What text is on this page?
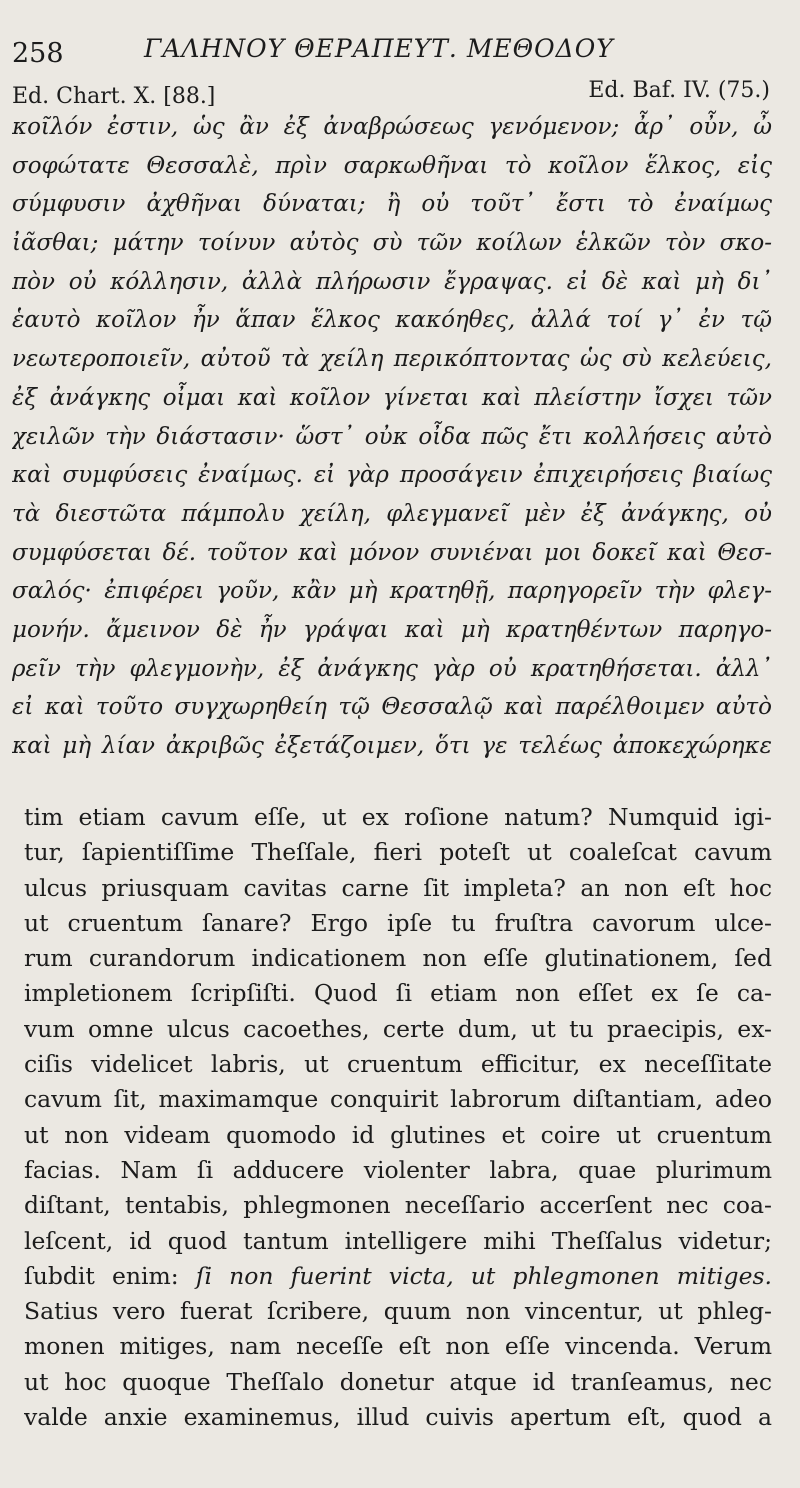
258	ΓΑΛΗΝΟΥ ΘΕΡΑΠΕΥΤ. ΜΕΘΟΔΟΥ
Ed. Chart. X. [88.]	Ed. Baf. IV. (75.)
κοῖλόν ἐστιν, ὡς ἂν ἐξ ἀναβρώσεως γενόμενον; ἆρ᾽ οὖν, ὦ
σοφώτατε Θεσσαλὲ, πρὶν σαρκωθῆναι τὸ κοῖλον ἕλκος, εἰς
σύμφυσιν ἀχθῆναι δύναται; ἢ οὐ τοῦτ᾽ ἔστι τὸ ἐναίμως
ἰᾶσθαι; μάτην τοίνυν αὐτὸς σὺ τῶν κοίλων ἑλκῶν τὸν σκο-
πὸν οὐ κόλλησιν, ἀλλὰ πλήρωσιν ἔγραψας. εἰ δὲ καὶ μὴ δι᾽
ἑαυτὸ κοῖλον ἦν ἅπαν ἕλκος κακόηθες, ἀλλά τοί γ᾽ ἐν τῷ
νεωτεροποιεῖν, αὐτοῦ τὰ χείλη περικόπτοντας ὡς σὺ κελεύεις,
ἐξ ἀνάγκης οἶμαι καὶ κοῖλον γίνεται καὶ πλείστην ἴσχει τῶν
χειλῶν τὴν διάστασιν· ὥστ᾽ οὐκ οἶδα πῶς ἔτι κολλήσεις αὐτὸ
καὶ συμφύσεις ἐναίμως. εἰ γὰρ προσάγειν ἐπιχειρήσεις βιαίως
τὰ διεστῶτα πάμπολυ χείλη, φλεγμανεῖ μὲν ἐξ ἀνάγκης, οὐ
συμφύσεται δέ. τοῦτον καὶ μόνον συνιέναι μοι δοκεῖ καὶ Θεσ-
σαλός· ἐπιφέρει γοῦν, κἂν μὴ κρατηθῇ, παρηγορεῖν τὴν φλεγ-
μονήν. ἄμεινον δὲ ἦν γράψαι καὶ μὴ κρατηθέντων παρηγο-
ρεῖν τὴν φλεγμονὴν, ἐξ ἀνάγκης γὰρ οὐ κρατηθήσεται. ἀλλ᾽
εἰ καὶ τοῦτο συγχωρηθείη τῷ Θεσσαλῷ καὶ παρέλθοιμεν αὐτὸ
καὶ μὴ λίαν ἀκριβῶς ἐξετάζοιμεν, ὅτι γε τελέως ἀποκεχώρηκε
tim etiam cavum eſſe, ut ex roſione natum? Numquid igi-
tur, ſapientiſſime Theſſale, fieri poteſt ut coaleſcat cavum
ulcus priusquam cavitas carne ſit impleta? an non eſt hoc
ut cruentum ſanare? Ergo ipſe tu fruſtra cavorum ulce-
rum curandorum indicationem non eſſe glutinationem, ſed
impletionem ſcripſiſti. Quod ſi etiam non eſſet ex ſe ca-
vum omne ulcus cacoethes, certe dum, ut tu praecipis, ex-
ciſis videlicet labris, ut cruentum efficitur, ex neceſſitate
cavum ſit, maximamque conquirit labrorum diſtantiam, adeo
ut non videam quomodo id glutines et coire ut cruentum
facias. Nam ſi adducere violenter labra, quae plurimum
diſtant, tentabis, phlegmonen neceſſario accerſent nec coa-
leſcent, id quod tantum intelligere mihi Theſſalus videtur;
ſubdit enim: ſi non fuerint victa, ut phlegmonen mitiges.
Satius vero fuerat ſcribere, quum non vincentur, ut phleg-
monen mitiges, nam neceſſe eſt non eſſe vincenda. Verum
ut hoc quoque Theſſalo donetur atque id tranſeamus, nec
valde anxie examinemus, illud cuivis apertum eſt, quod a
